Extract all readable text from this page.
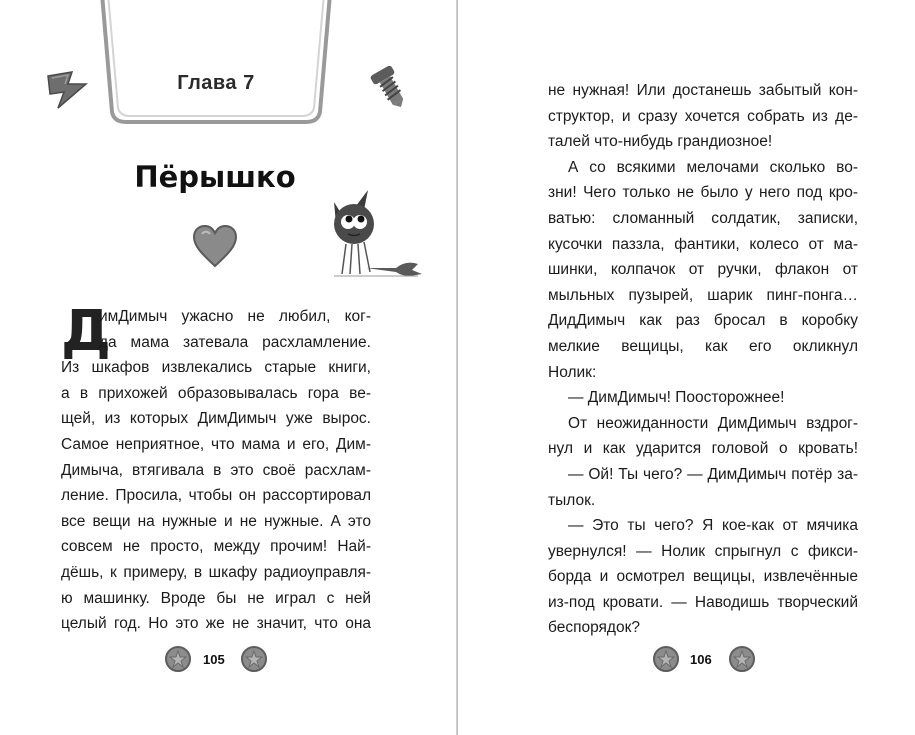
Глава 7
Пёрышко
Д
имДимыч ужасно не любил, ког-
да мама затевала расхламление.
Из шкафов извлекались старые книги,
а в прихожей образовывалась гора ве-
щей, из которых ДимДимыч уже вырос.
Самое неприятное, что мама и его, Дим-
Димыча, втягивала в это своё расхлам-
ление. Просила, чтобы он рассортировал
все вещи на нужные и не нужные. А это
совсем не просто, между прочим! Най-
дёшь, к примеру, в шкафу радиоуправля-
ю машинку. Вроде бы не играл с ней
целый год. Но это же не значит, что она
105
не нужная! Или достанешь забытый кон-
структор, и сразу хочется собрать из де-
талей что-нибудь грандиозное!
А со всякими мелочами сколько во-
зни! Чего только не было у него под кро-
ватью: сломанный солдатик, записки,
кусочки паззла, фантики, колесо от ма-
шинки, колпачок от ручки, флакон от
мыльных пузырей, шарик пинг-понга…
ДидДимыч как раз бросал в коробку
мелкие вещицы, как его окликнул
Нолик:
— ДимДимыч! Поосторожнее!
От неожиданности ДимДимыч вздрог-
нул и как ударится головой о кровать!
— Ой! Ты чего? — ДимДимыч потёр за-
тылок.
— Это ты чего? Я кое-как от мячика
увернулся! — Нолик спрыгнул с фикси-
борда и осмотрел вещицы, извлечённые
из-под кровати. — Наводишь творческий
беспорядок?
106
